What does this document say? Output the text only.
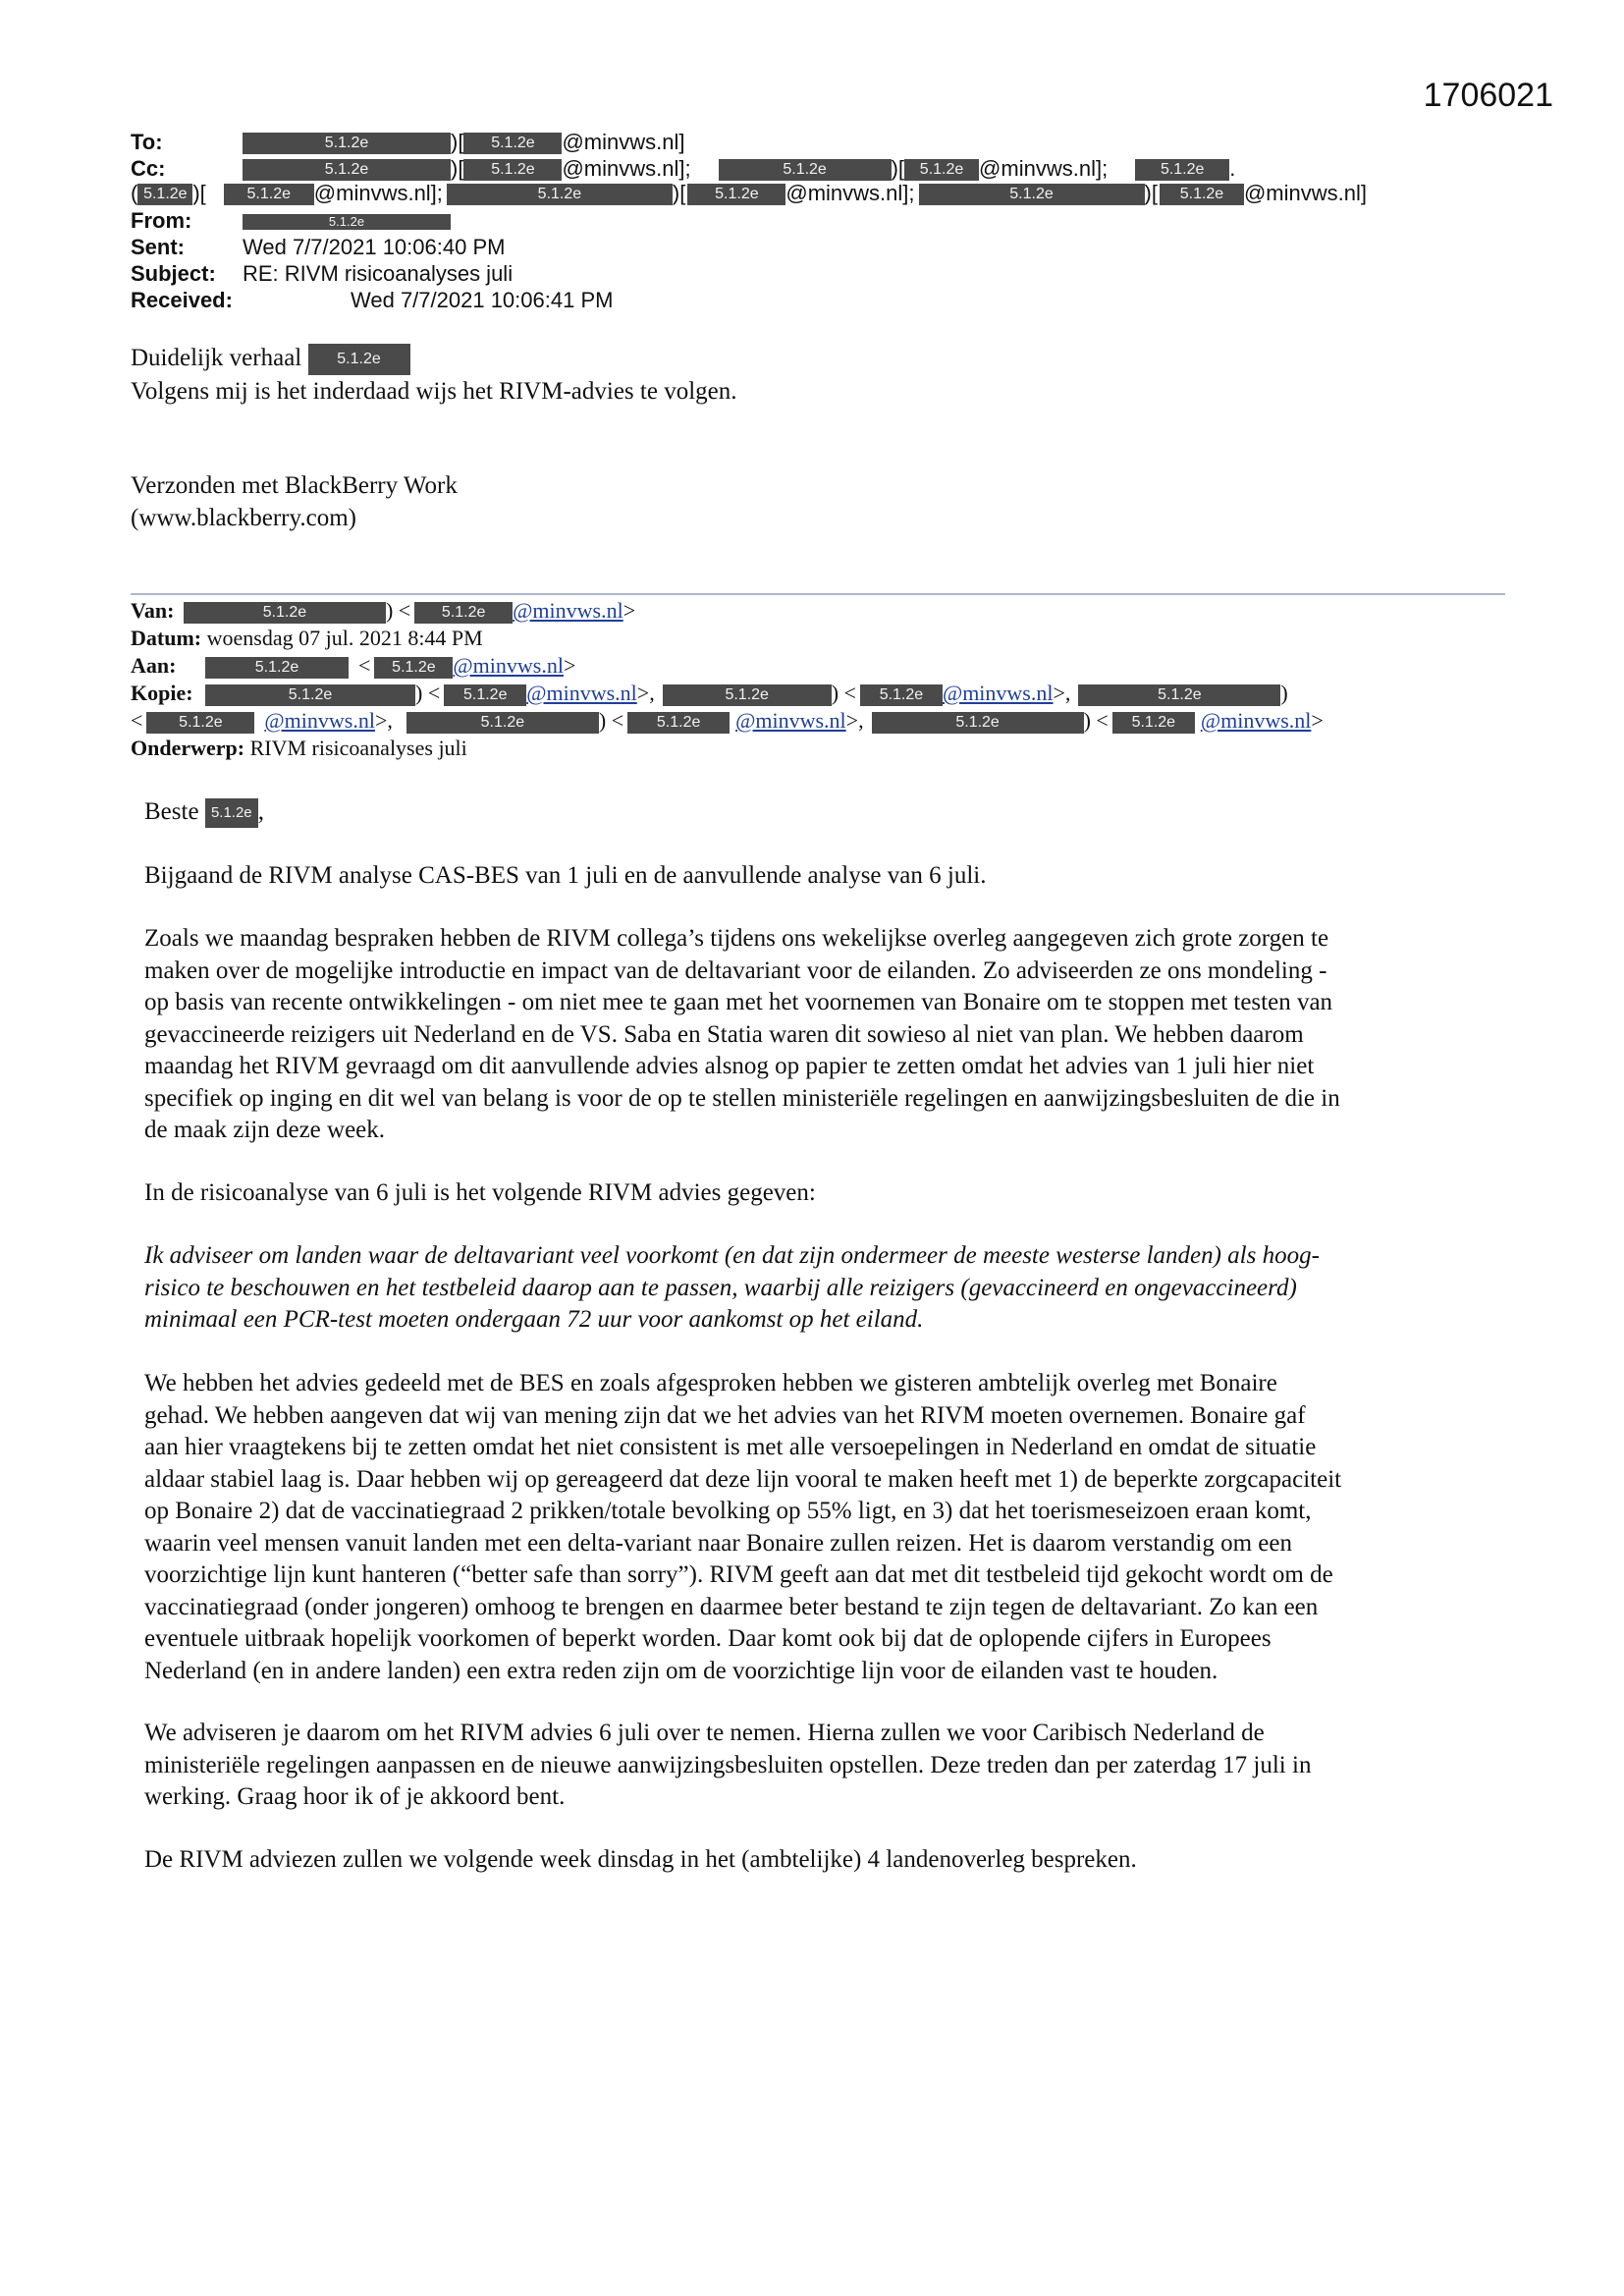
1706021
To:	5.1.2e	)[ 5.1.2e @minvws.nl]
Cc:	5.1.2e	)[ 5.1.2e @minvws.nl];	5.1.2e	)[ 5.1.2e @minvws.nl];	5.1.2e .
( 5.1.2e )[	5.1.2e @minvws.nl];	5.1.2e	)[ 5.1.2e @minvws.nl];	5.1.2e	)[ 5.1.2e @minvws.nl]
From:	5.1.2e
Sent:	Wed 7/7/2021 10:06:40 PM
Subject: RE: RIVM risicoanalyses juli
Received:	Wed 7/7/2021 10:06:41 PM
Duidelijk verhaal 5.1.2e
Volgens mij is het inderdaad wijs het RIVM-advies te volgen.
Verzonden met BlackBerry Work
(www.blackberry.com)
Van:	5.1.2e	) < 5.1.2e @minvws.nl>
Datum: woensdag 07 jul. 2021 8:44 PM
Aan:	5.1.2e	< 5.1.2e @minvws.nl>
Kopie:	5.1.2e	) < 5.1.2e @minvws.nl>,	5.1.2e	) < 5.1.2e @minvws.nl>,	5.1.2e	)
< 5.1.2e @minvws.nl>,	5.1.2e	) < 5.1.2e @minvws.nl>,	5.1.2e	) < 5.1.2e @minvws.nl>
Onderwerp: RIVM risicoanalyses juli
Beste 5.1.2e ,
Bijgaand de RIVM analyse CAS-BES van 1 juli en de aanvullende analyse van 6 juli.
Zoals we maandag bespraken hebben de RIVM collega’s tijdens ons wekelijkse overleg aangegeven zich grote zorgen te
maken over de mogelijke introductie en impact van de deltavariant voor de eilanden. Zo adviseerden ze ons mondeling -
op basis van recente ontwikkelingen - om niet mee te gaan met het voornemen van Bonaire om te stoppen met testen van
gevaccineerde reizigers uit Nederland en de VS. Saba en Statia waren dit sowieso al niet van plan. We hebben daarom
maandag het RIVM gevraagd om dit aanvullende advies alsnog op papier te zetten omdat het advies van 1 juli hier niet
specifiek op inging en dit wel van belang is voor de op te stellen ministeriële regelingen en aanwijzingsbesluiten de die in
de maak zijn deze week.
In de risicoanalyse van 6 juli is het volgende RIVM advies gegeven:
Ik adviseer om landen waar de deltavariant veel voorkomt (en dat zijn ondermeer de meeste westerse landen) als hoog-
risico te beschouwen en het testbeleid daarop aan te passen, waarbij alle reizigers (gevaccineerd en ongevaccineerd)
minimaal een PCR-test moeten ondergaan 72 uur voor aankomst op het eiland.
We hebben het advies gedeeld met de BES en zoals afgesproken hebben we gisteren ambtelijk overleg met Bonaire
gehad. We hebben aangeven dat wij van mening zijn dat we het advies van het RIVM moeten overnemen. Bonaire gaf
aan hier vraagtekens bij te zetten omdat het niet consistent is met alle versoepelingen in Nederland en omdat de situatie
aldaar stabiel laag is. Daar hebben wij op gereageerd dat deze lijn vooral te maken heeft met 1) de beperkte zorgcapaciteit
op Bonaire 2) dat de vaccinatiegraad 2 prikken/totale bevolking op 55% ligt, en 3) dat het toerismeseizoen eraan komt,
waarin veel mensen vanuit landen met een delta-variant naar Bonaire zullen reizen. Het is daarom verstandig om een
voorzichtige lijn kunt hanteren (“better safe than sorry”). RIVM geeft aan dat met dit testbeleid tijd gekocht wordt om de
vaccinatiegraad (onder jongeren) omhoog te brengen en daarmee beter bestand te zijn tegen de deltavariant. Zo kan een
eventuele uitbraak hopelijk voorkomen of beperkt worden. Daar komt ook bij dat de oplopende cijfers in Europees
Nederland (en in andere landen) een extra reden zijn om de voorzichtige lijn voor de eilanden vast te houden.
We adviseren je daarom om het RIVM advies 6 juli over te nemen. Hierna zullen we voor Caribisch Nederland de
ministeriële regelingen aanpassen en de nieuwe aanwijzingsbesluiten opstellen. Deze treden dan per zaterdag 17 juli in
werking. Graag hoor ik of je akkoord bent.
De RIVM adviezen zullen we volgende week dinsdag in het (ambtelijke) 4 landenoverleg bespreken.
